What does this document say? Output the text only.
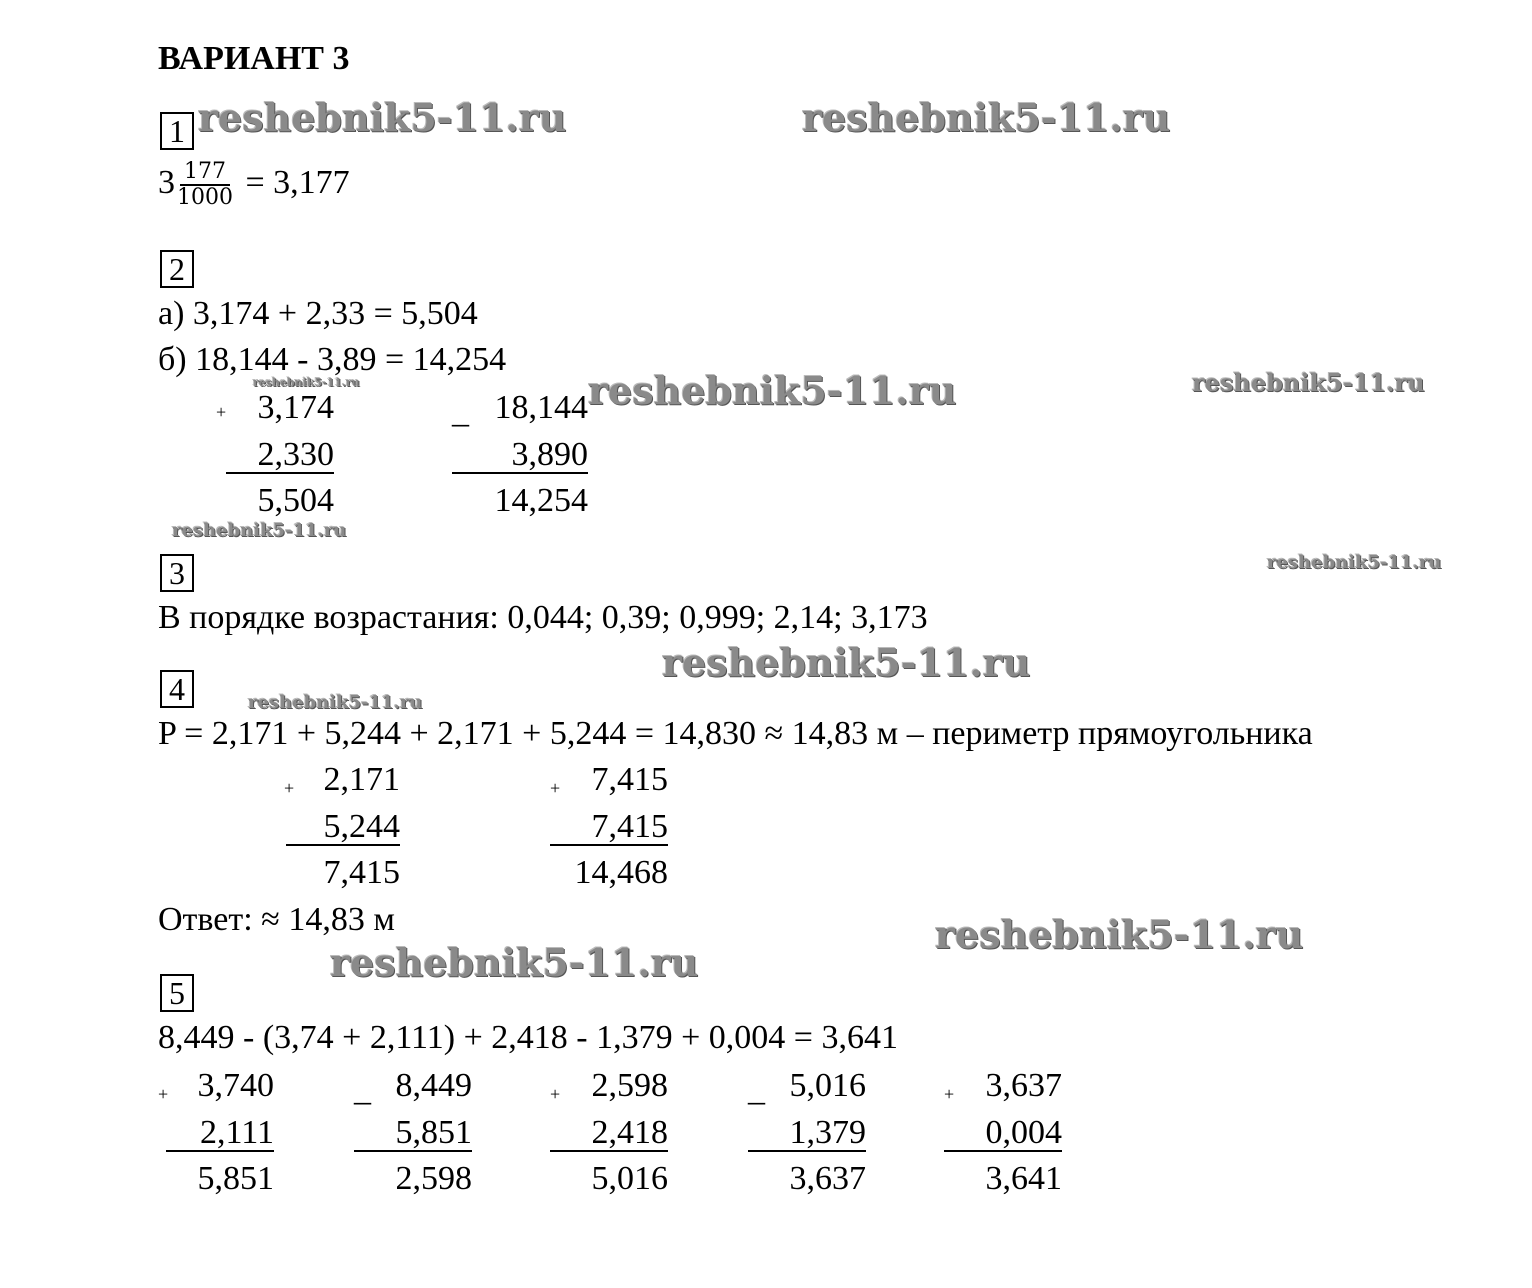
ВАРИАНТ 3
reshebnik5-11.ru	reshebnik5-11.ru
reshebnik5-11.ru	reshebnik5-11.ru
reshebnik5-11.ru
reshebnik5-11.ru
reshebnik5-11.ru
reshebnik5-11.ru
reshebnik5-11.ru
reshebnik5-11.ru
reshebnik5-11.ru
1
$3 \frac{177}{1000} = 3,177$
2
а) 3,174 + 2,33 = 5,504
б) 18,144 - 3,89 = 14,254
+ 3,174
2,330
5,504
_ 18,144
3,890
14,254
3
В порядке возрастания: 0,044; 0,39; 0,999; 2,14; 3,173
4
P = 2,171 + 5,244 + 2,171 + 5,244 = 14,830 ≈ 14,83 м – периметр прямоугольника
+ 2,171
5,244
7,415
+ 7,415
7,415
14,468
Ответ: ≈ 14,83 м
5
8,449 - (3,74 + 2,111) + 2,418 - 1,379 + 0,004 = 3,641
+ 3,740
2,111
5,851
_ 8,449
5,851
2,598
+ 2,598
2,418
5,016
_ 5,016
1,379
3,637
+ 3,637
0,004
3,641
